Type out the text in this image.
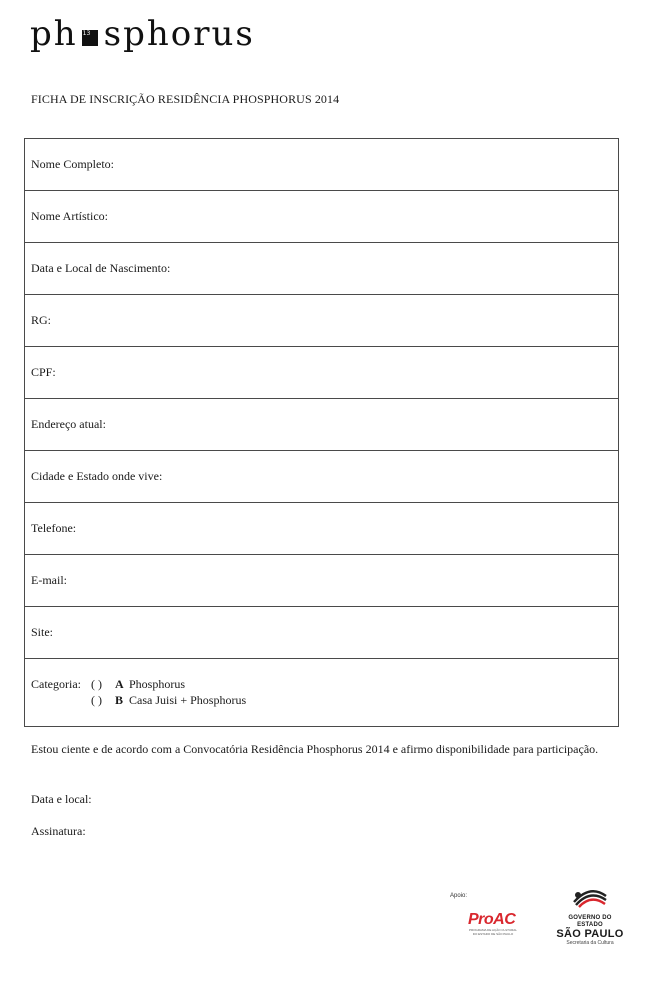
ph 13 sphorus
FICHA DE INSCRIÇÃO RESIDÊNCIA PHOSPHORUS 2014
Nome Completo:
Nome Artístico:
Data e Local de Nascimento:
RG:
CPF:
Endereço atual:
Cidade e Estado onde vive:
Telefone:
E-mail:
Site:
Categoria: ( )	A Phosphorus
( )	B Casa Juisi + Phosphorus
Estou ciente e de acordo com a Convocatória Residência Phosphorus 2014 e afirmo disponibilidade para participação.
Data e local:
Assinatura:
Apoio:
ProAC
PROGRAMA DE AÇÃO CULTURAL DO ESTADO DE SÃO PAULO
GOVERNO DO ESTADO
SÃO PAULO
Secretaria da Cultura
